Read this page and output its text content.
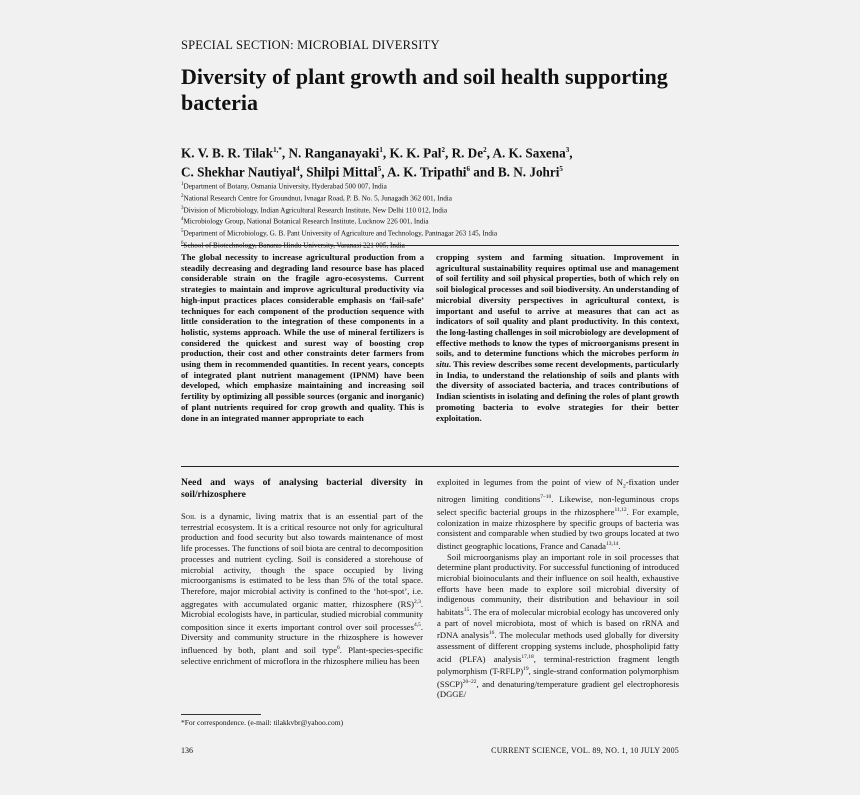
SPECIAL SECTION: MICROBIAL DIVERSITY
Diversity of plant growth and soil health supporting bacteria
K. V. B. R. Tilak$^{1,*}$, N. Ranganayaki$^1$, K. K. Pal$^2$, R. De$^2$, A. K. Saxena$^3$,
C. Shekhar Nautiyal$^4$, Shilpi Mittal$^5$, A. K. Tripathi$^6$ and B. N. Johri$^5$
$^1$Department of Botany, Osmania University, Hyderabad 500 007, India
$^2$National Research Centre for Groundnut, Ivnagar Road, P. B. No. 5, Junagadh 362 001, India
$^3$Division of Microbiology, Indian Agricultural Research Institute, New Delhi 110 012, India
$^4$Microbiology Group, National Botanical Research Institute, Lucknow 226 001, India
$^5$Department of Microbiology, G. B. Pant University of Agriculture and Technology, Pantnagar 263 145, India
$^6$School of Biotechnology, Banaras Hindu University, Varanasi 221 005, India

The global necessity to increase agricultural production from a steadily decreasing and degrading land resource base has placed considerable strain on the fragile agro-ecosystems. Current strategies to maintain and improve agricultural productivity via high-input practices places considerable emphasis on ‘fail-safe’ techniques for each component of the production sequence with little consideration to the integration of these components in a holistic, systems approach. While the use of mineral fertilizers is considered the quickest and surest way of boosting crop production, their cost and other constraints deter farmers from using them in recommended quantities. In recent years, concepts of integrated plant nutrient management (IPNM) have been developed, which emphasize maintaining and increasing soil fertility by optimizing all possible sources (organic and inorganic) of plant nutrients required for crop growth and quality. This is done in an integrated manner appropriate to each

cropping system and farming situation. Improvement in agricultural sustainability requires optimal use and management of soil fertility and soil physical properties, both of which rely on soil biological processes and soil biodiversity. An understanding of microbial diversity perspectives in agricultural context, is important and useful to arrive at measures that can act as indicators of soil quality and plant productivity. In this context, the long-lasting challenges in soil microbiology are development of effective methods to know the types of microorganisms present in soils, and to determine functions which the microbes perform in situ. This review describes some recent developments, particularly in India, to understand the relationship of soils and plants with the diversity of associated bacteria, and traces contributions of Indian scientists in isolating and defining the roles of plant growth promoting bacteria to evolve strategies for their better exploitation.

Need and ways of analysing bacterial diversity in soil/rhizosphere

Soil is a dynamic, living matrix that is an essential part of the terrestrial ecosystem. It is a critical resource not only for agricultural production and food security but also towards maintenance of most life processes. The functions of soil biota are central to decomposition processes and nutrient cycling. Soil is considered a storehouse of microbial activity, though the space occupied by living microorganisms is estimated to be less than 5% of the total space. Therefore, major microbial activity is confined to the ‘hot-spot’, i.e. aggregates with accumulated organic matter, rhizosphere (RS)$^{2,3}$. Microbial ecologists have, in particular, studied microbial community composition since it exerts important control over soil processes$^{4,5}$. Diversity and community structure in the rhizosphere is however influenced by both, plant and soil type$^6$. Plant-species-specific selective enrichment of microflora in the rhizosphere milieu has been

exploited in legumes from the point of view of $N_2$-fixation under nitrogen limiting conditions$^{7-10}$. Likewise, non-leguminous crops select specific bacterial groups in the rhizosphere$^{11,12}$. For example, colonization in maize rhizosphere by specific groups of bacteria was consistent and comparable when studied by two groups located at two distinct geographic locations, France and Canada$^{13,14}$.

Soil microorganisms play an important role in soil processes that determine plant productivity. For successful functioning of introduced microbial bioinoculants and their influence on soil health, exhaustive efforts have been made to explore soil microbial diversity of indigenous community, their distribution and behaviour in soil habitats$^{15}$. The era of molecular microbial ecology has uncovered only a part of novel microbiota, most of which is based on rRNA and rDNA analysis$^{16}$. The molecular methods used globally for diversity assessment of different cropping systems include, phospholipid fatty acid (PLFA) analysis$^{17,18}$, terminal-restriction fragment length polymorphism (T-RFLP)$^{19}$, single-strand conformation polymorphism (SSCP)$^{20-22}$, and denaturing/temperature gradient gel electrophoresis (DGGE/

*For correspondence. (e-mail: tilakkvbr@yahoo.com)
136	CURRENT SCIENCE, VOL. 89, NO. 1, 10 JULY 2005
